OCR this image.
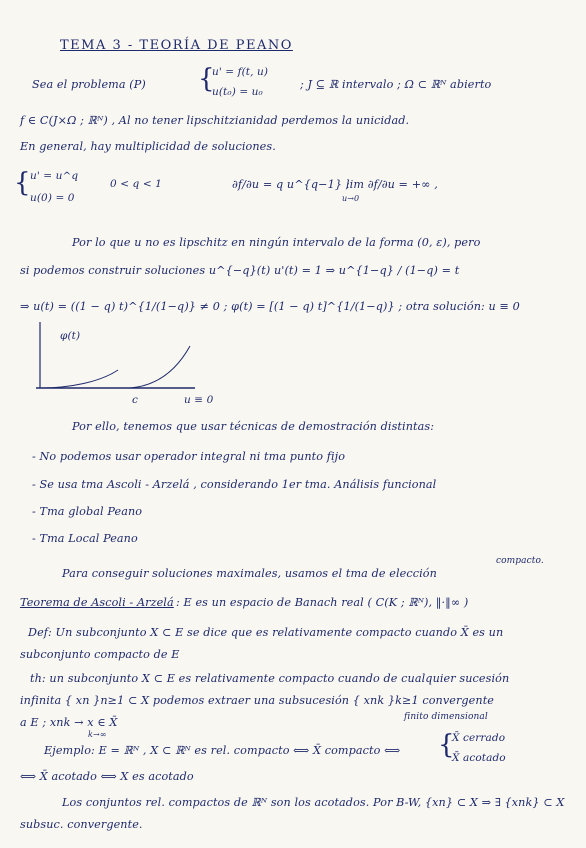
TEMA 3 - TEORÍA DE PEANO
Sea el problema (P)	{
u' = f(t, u)
u(t₀) = u₀
; J ⊆ ℝ intervalo ; Ω ⊂ ℝᴺ abierto
f ∈ C(J×Ω ; ℝᴺ) , Al no tener lipschitzianidad perdemos la unicidad.
En general, hay multiplicidad de soluciones.
{ u' = u^q
0 < q < 1
u(0) = 0
∂f/∂u = q u^{q−1} ;
lim ∂f/∂u = +∞ ,
u→0
Por lo que u no es lipschitz en ningún intervalo de la forma (0, ε), pero
si podemos construir soluciones u^{−q}(t) u'(t) = 1 ⇒ u^{1−q} / (1−q) = t
⇒ u(t) = ((1 − q) t)^{1/(1−q)} ≠ 0 ; φ(t) = [(1 − q) t]^{1/(1−q)} ; otra solución: u ≡ 0
φ(t)
c	u ≡ 0
Por ello, tenemos que usar técnicas de demostración distintas:
- No podemos usar operador integral ni tma punto fijo
- Se usa tma Ascoli - Arzelá , considerando 1er tma. Análisis funcional
- Tma global Peano
- Tma Local Peano
Para conseguir soluciones maximales, usamos el tma de elección
compacto.
Teorema de Ascoli - Arzelá : E es un espacio de Banach real ( C(K ; ℝᴺ), ‖·‖∞ )
Def: Un subconjunto X ⊂ E se dice que es relativamente compacto cuando X̄ es un
subconjunto compacto de E
th: un subconjunto X ⊂ E es relativamente compacto cuando de cualquier sucesión
infinita { xn }n≥1 ⊂ X podemos extraer una subsucesión { xnk }k≥1 convergente
a E ; xnk → x ∈ X̄
k→∞
finito dimensional
Ejemplo: E = ℝᴺ , X ⊂ ℝᴺ es rel. compacto ⟺ X̄ compacto ⟺	{
X̄ cerrado
X̄ acotado
⟺ X̄ acotado ⟺ X es acotado
Los conjuntos rel. compactos de ℝᴺ son los acotados. Por B-W, {xn} ⊂ X ⇒ ∃ {xnk} ⊂ X
subsuc. convergente.
